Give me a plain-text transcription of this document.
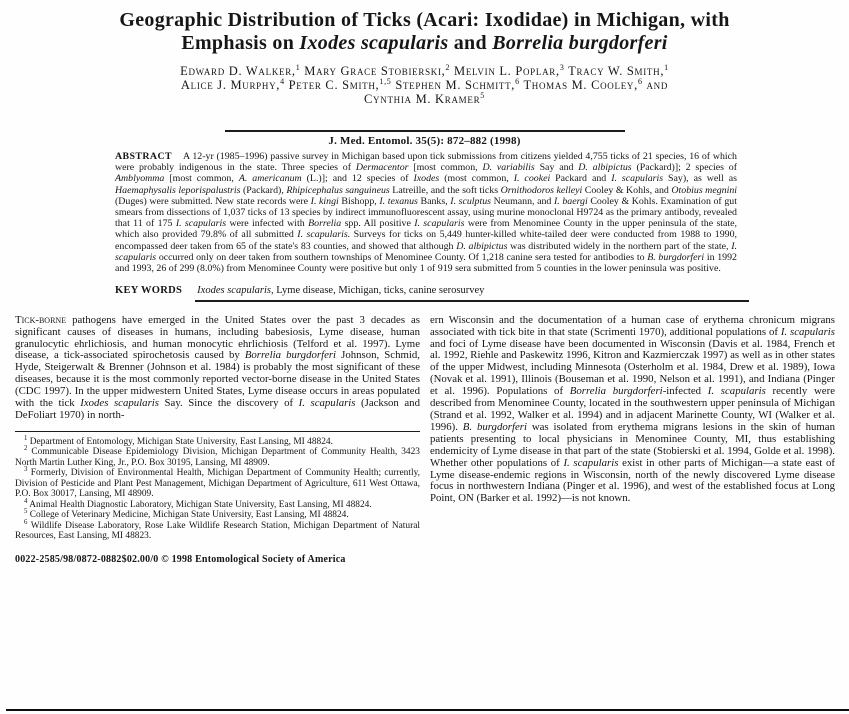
Geographic Distribution of Ticks (Acari: Ixodidae) in Michigan, with
Emphasis on Ixodes scapularis and Borrelia burgdorferi
Edward D. Walker,$^1$ Mary Grace Stobierski,$^2$ Melvin L. Poplar,$^3$ Tracy W. Smith,$^1$
Alice J. Murphy,$^4$ Peter C. Smith,$^{1,5}$ Stephen M. Schmitt,$^6$ Thomas M. Cooley,$^6$ and
Cynthia M. Kramer$^5$
J. Med. Entomol. 35(5): 872–882 (1998)

ABSTRACT A 12-yr (1985–1996) passive survey in Michigan based upon tick submissions from citizens yielded 4,755 ticks of 21 species, 16 of which were probably indigenous in the state. Three species of Dermacentor [most common, D. variabilis Say and D. albipictus (Packard)]; 2 species of Amblyomma [most common, A. americanum (L.)]; and 12 species of Ixodes (most common, I. cookei Packard and I. scapularis Say), as well as Haemaphysalis leporispalustris (Packard), Rhipicephalus sanguineus Latreille, and the soft ticks Ornithodoros kelleyi Cooley & Kohls, and Otobius megnini (Duges) were submitted. New state records were I. kingi Bishopp, I. texanus Banks, I. sculptus Neumann, and I. baergi Cooley & Kohls. Examination of gut smears from dissections of 1,037 ticks of 13 species by indirect immunofluorescent assay, using murine monoclonal H9724 as the primary antibody, revealed that 11 of 175 I. scapularis were infected with Borrelia spp. All positive I. scapularis were from Menominee County in the upper peninsula of the state, which also provided 79.8% of all submitted I. scapularis. Surveys for ticks on 5,449 hunter-killed white-tailed deer were conducted from 1988 to 1990, encompassed deer taken from 65 of the state's 83 counties, and showed that although D. albipictus was distributed widely in the northern part of the state, I. scapularis occurred only on deer taken from southern townships of Menominee County. Of 1,218 canine sera tested for antibodies to B. burgdorferi in 1992 and 1993, 26 of 299 (8.0%) from Menominee County were positive but only 1 of 919 sera submitted from 5 counties in the lower peninsula was positive.

KEY WORDS Ixodes scapularis, Lyme disease, Michigan, ticks, canine serosurvey

Tick-borne pathogens have emerged in the United States over the past 3 decades as significant causes of diseases in humans, including babesiosis, Lyme disease, human granulocytic ehrlichiosis, and human monocytic ehrlichiosis (Telford et al. 1997). Lyme disease, a tick-associated spirochetosis caused by Borrelia burgdorferi Johnson, Schmid, Hyde, Steigerwalt & Brenner (Johnson et al. 1984) is probably the most significant of these diseases, because it is the most commonly reported vector-borne disease in the United States (CDC 1997). In the upper midwestern United States, Lyme disease occurs in areas populated with the tick Ixodes scapularis Say. Since the discovery of I. scapularis (Jackson and DeFoliart 1970) in north-

$^1$ Department of Entomology, Michigan State University, East Lansing, MI 48824.

$^2$ Communicable Disease Epidemiology Division, Michigan Department of Community Health, 3423 North Martin Luther King, Jr., P.O. Box 30195, Lansing, MI 48909.

$^3$ Formerly, Division of Environmental Health, Michigan Department of Community Health; currently, Division of Pesticide and Plant Pest Management, Michigan Department of Agriculture, 611 West Ottawa, P.O. Box 30017, Lansing, MI 48909.

$^4$ Animal Health Diagnostic Laboratory, Michigan State University, East Lansing, MI 48824.

$^5$ College of Veterinary Medicine, Michigan State University, East Lansing, MI 48824.

$^6$ Wildlife Disease Laboratory, Rose Lake Wildlife Research Station, Michigan Department of Natural Resources, East Lansing, MI 48823.

ern Wisconsin and the documentation of a human case of erythema chronicum migrans associated with tick bite in that state (Scrimenti 1970), additional populations of I. scapularis and foci of Lyme disease have been documented in Wisconsin (Davis et al. 1984, French et al. 1992, Riehle and Paskewitz 1996, Kitron and Kazmierczak 1997) as well as in other states of the upper Midwest, including Minnesota (Osterholm et al. 1984, Drew et al. 1989), Iowa (Novak et al. 1991), Illinois (Bouseman et al. 1990, Nelson et al. 1991), and Indiana (Pinger et al. 1996). Populations of Borrelia burgdorferi-infected I. scapularis recently were described from Menominee County, located in the southwestern upper peninsula of Michigan (Strand et al. 1992, Walker et al. 1994) and in adjacent Marinette County, WI (Walker et al. 1996). B. burgdorferi was isolated from erythema migrans lesions in the skin of human patients presenting to local physicians in Menominee County, MI, thus establishing endemicity of Lyme disease in that part of the state (Stobierski et al. 1994, Golde et al. 1998). Whether other populations of I. scapularis exist in other parts of Michigan—a state east of Lyme disease-endemic regions in Wisconsin, north of the newly discovered Lyme disease focus in northwestern Indiana (Pinger et al. 1996), and west of the established focus at Long Point, ON (Barker et al. 1992)—is not known.

0022-2585/98/0872-0882$02.00/0 © 1998 Entomological Society of America
